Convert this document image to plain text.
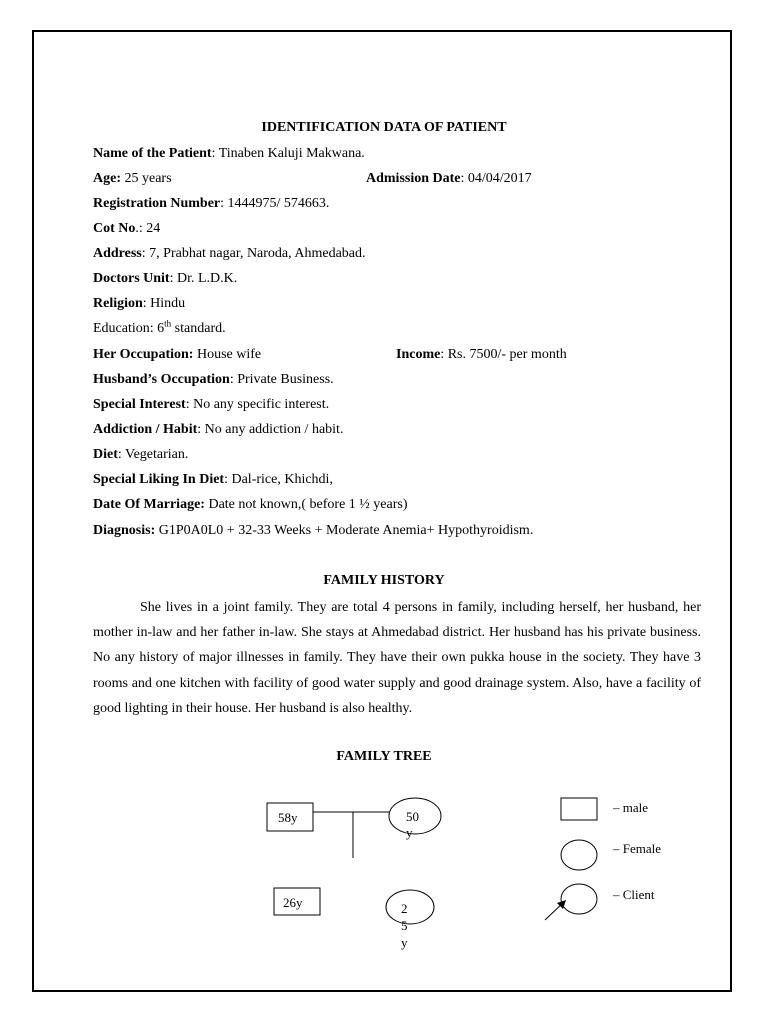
IDENTIFICATION DATA OF PATIENT
Name of the Patient: Tinaben Kaluji Makwana.
Age: 25 years	Admission Date: 04/04/2017
Registration Number: 1444975/ 574663.
Cot No.: 24
Address: 7, Prabhat nagar, Naroda, Ahmedabad.
Doctors Unit: Dr. L.D.K.
Religion: Hindu
Education: 6th standard.
Her Occupation: House wife	Income: Rs. 7500/- per month
Husband’s Occupation: Private Business.
Special Interest: No any specific interest.
Addiction / Habit: No any addiction / habit.
Diet: Vegetarian.
Special Liking In Diet: Dal-rice, Khichdi,
Date Of Marriage: Date not known,( before 1 ½ years)
Diagnosis: G1P0A0L0 + 32-33 Weeks + Moderate Anemia+ Hypothyroidism.
FAMILY HISTORY
She lives in a joint family. They are total 4 persons in family, including herself, her husband, her mother in-law and her father in-law. She stays at Ahmedabad district. Her husband has his private business. No any history of major illnesses in family. They have their own pukka house in the society. They have 3 rooms and one kitchen with facility of good water supply and good drainage system. Also, have a facility of good lighting in their house. Her husband is also healthy.
FAMILY TREE
58y	50
y
26y	2
5
y
– male
– Female
– Client
